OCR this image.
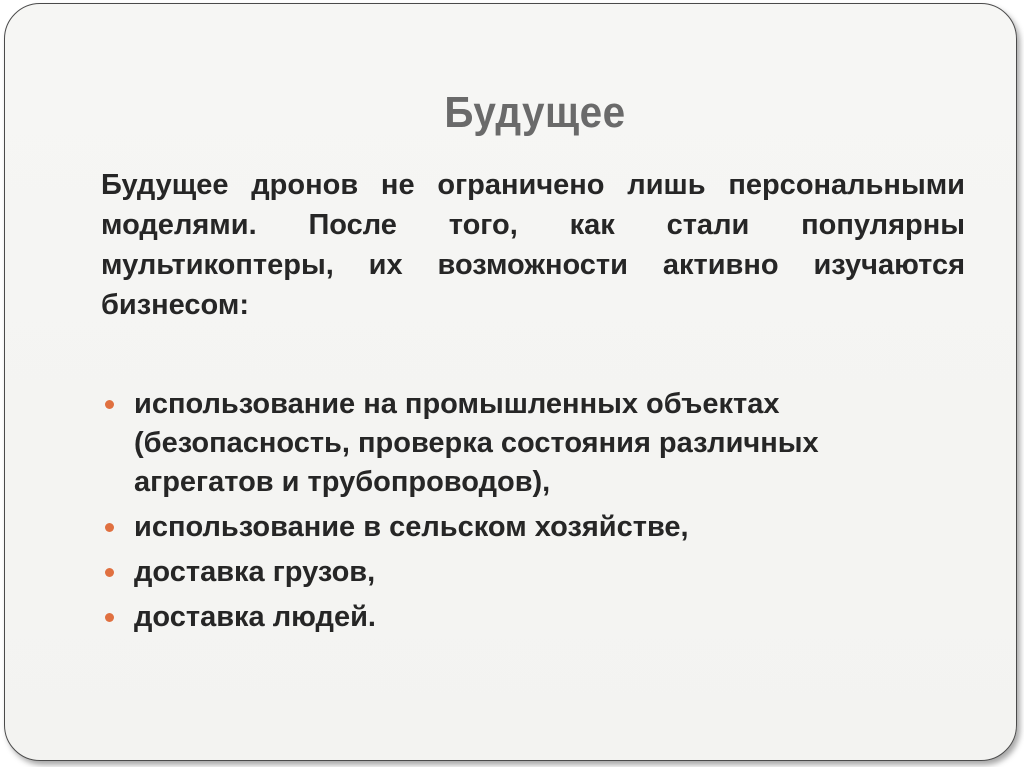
Будущее
Будущее дронов не ограничено лишь персональными моделями. После того, как стали популярны мультикоптеры, их возможности активно изучаются бизнесом:
использование на промышленных объектах (безопасность, проверка состояния различных агрегатов и трубопроводов),
использование в сельском хозяйстве,
доставка грузов,
доставка людей.
